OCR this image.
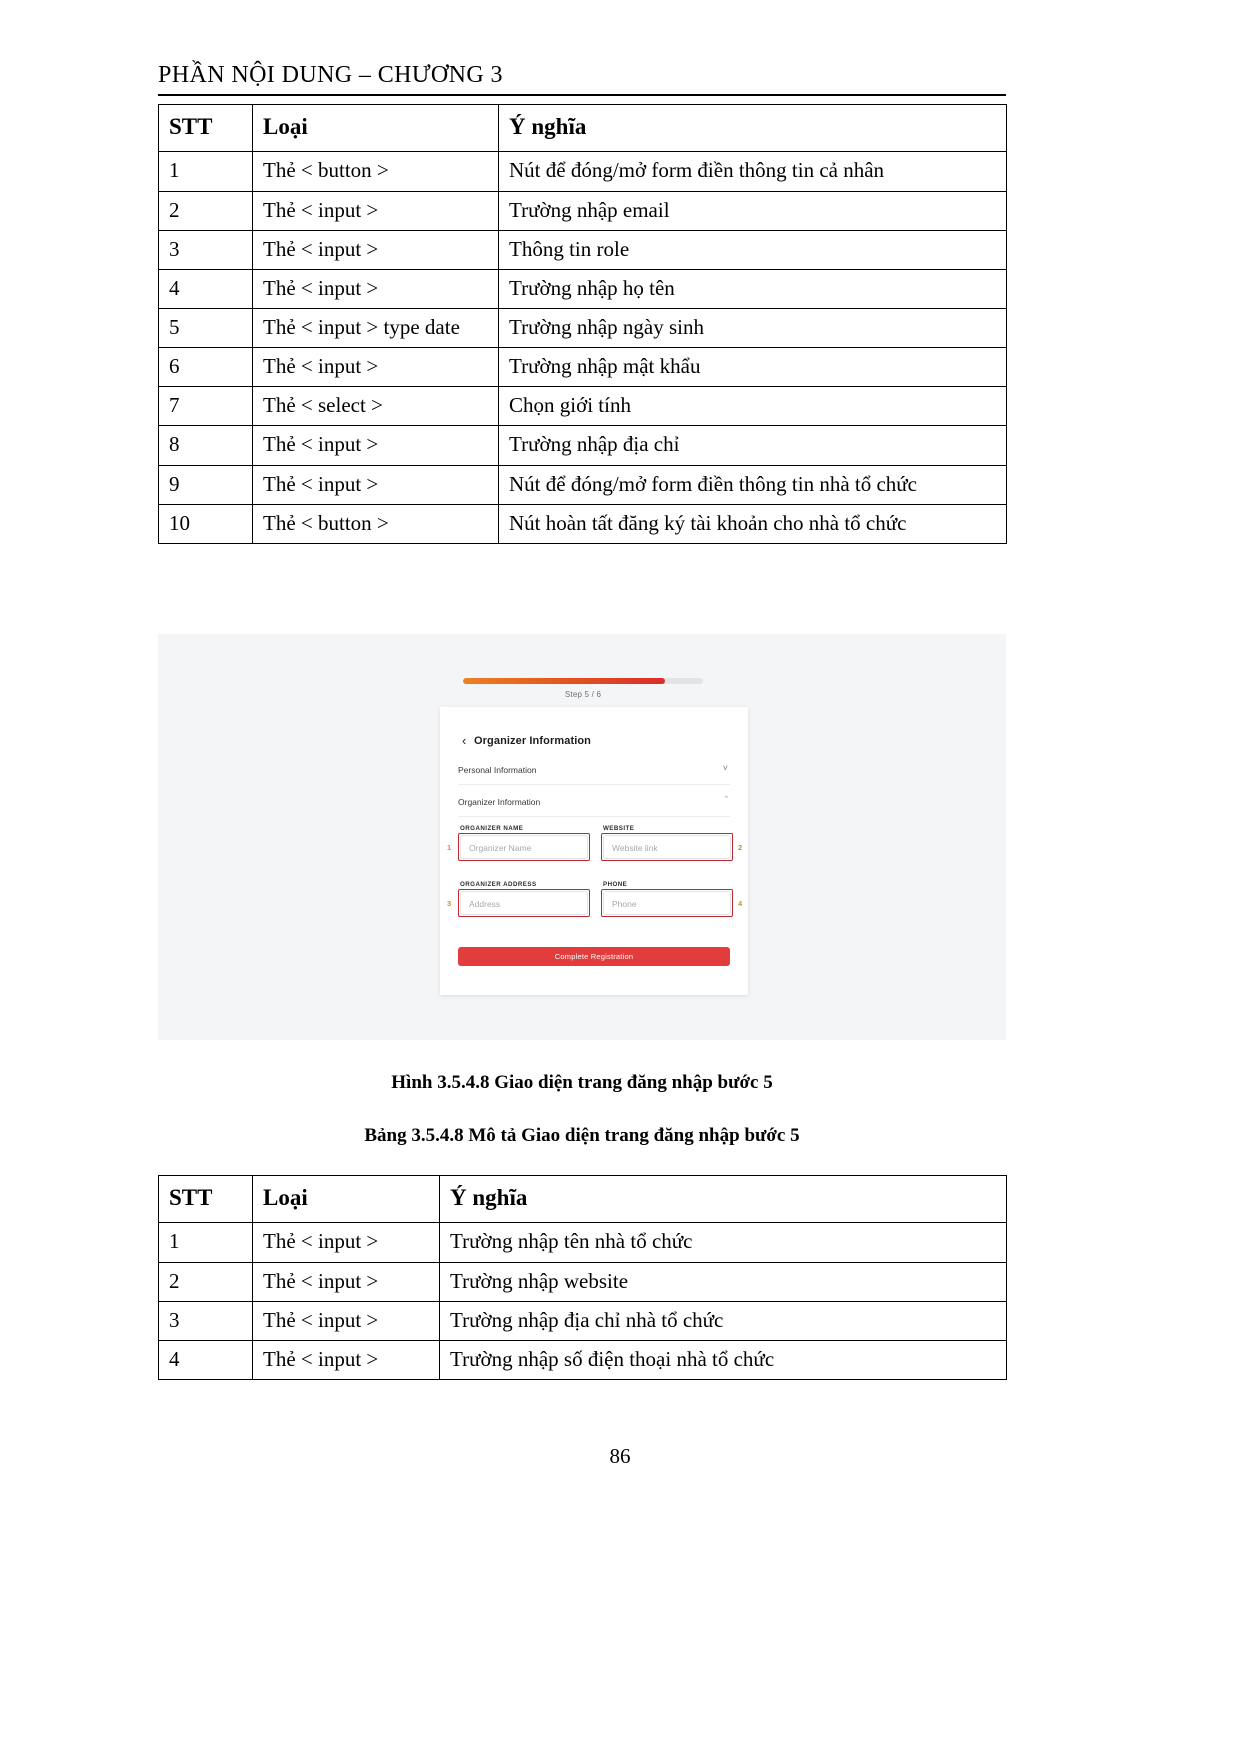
PHẦN NỘI DUNG – CHƯƠNG 3
STT	Loại	Ý nghĩa
1	Thẻ < button >	Nút để đóng/mở form điền thông tin cả nhân
2	Thẻ < input >	Trường nhập email
3	Thẻ < input >	Thông tin role
4	Thẻ < input >	Trường nhập họ tên
5	Thẻ < input > type date	Trường nhập ngày sinh
6	Thẻ < input >	Trường nhập mật khẩu
7	Thẻ < select >	Chọn giới tính
8	Thẻ < input >	Trường nhập địa chỉ
9	Thẻ < input >	Nút để đóng/mở form điền thông tin nhà tổ chức
10	Thẻ < button >	Nút hoàn tất đăng ký tài khoản cho nhà tổ chức
Step 5 / 6
‹ Organizer Information
Personal Information	˅
Organizer Information	ˆ
ORGANIZER NAME
Organizer Name
1
WEBSITE
Website link	2
ORGANIZER ADDRESS
Address
3
PHONE
Phone	4
Complete Registration
Hình 3.5.4.8 Giao diện trang đăng nhập bước 5
Bảng 3.5.4.8 Mô tả Giao diện trang đăng nhập bước 5
STT	Loại	Ý nghĩa
1	Thẻ < input >	Trường nhập tên nhà tổ chức
2	Thẻ < input >	Trường nhập website
3	Thẻ < input >	Trường nhập địa chỉ nhà tổ chức
4	Thẻ < input >	Trường nhập số điện thoại nhà tổ chức
86
